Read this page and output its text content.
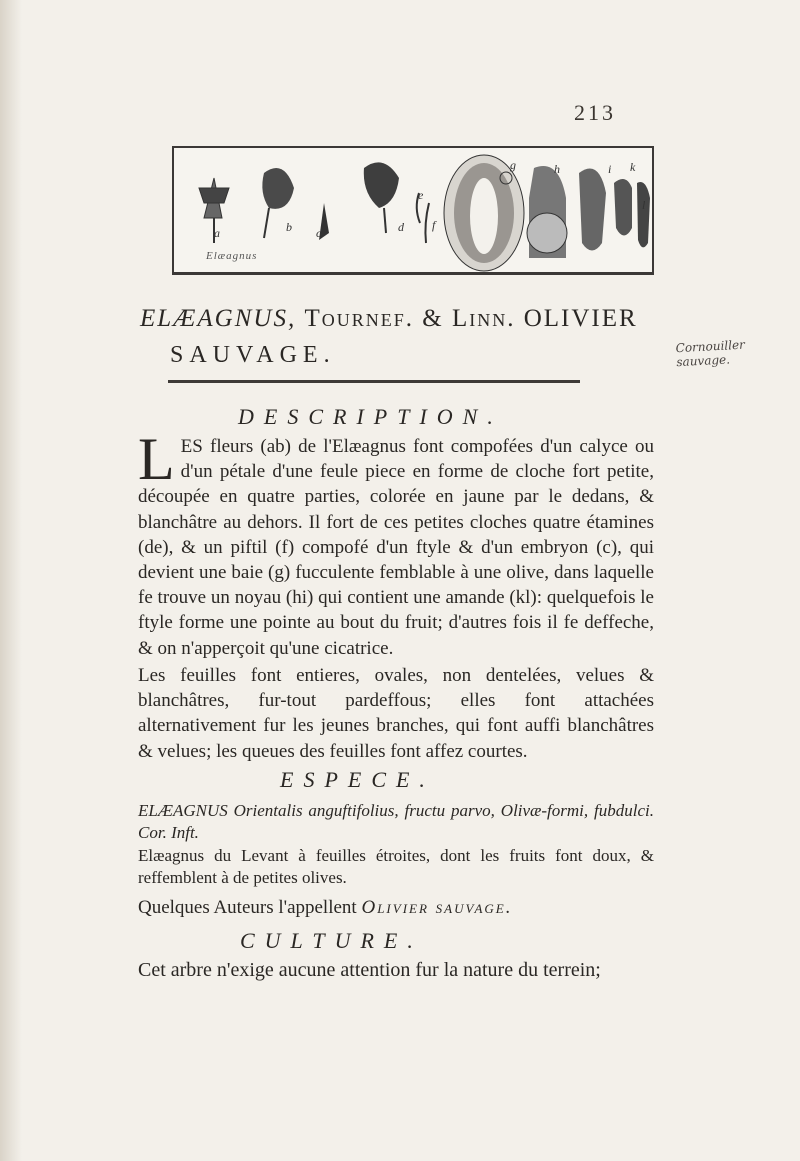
213
a	b c	d
e
f
g	h	i k
l
Elæagnus
ELÆAGNUS, Tournef. & Linn. OLIVIER
SAUVAGE.	Cornouiller sauvage.
DESCRIPTION.
L ES fleurs (ab) de l'Elæagnus font compofées d'un calyce ou d'un pétale d'une feule piece en forme de cloche fort petite, découpée en quatre parties, colorée en jaune par le dedans, & blanchâtre au dehors. Il fort de ces petites cloches quatre étamines (de), & un piftil (f) compofé d'un ftyle & d'un embryon (c), qui devient une baie (g) fucculente femblable à une olive, dans laquelle fe trouve un noyau (hi) qui contient une amande (kl): quelquefois le ftyle forme une pointe au bout du fruit; d'autres fois il fe deffeche, & on n'apperçoit qu'une cicatrice.
Les feuilles font entieres, ovales, non dentelées, velues & blanchâtres, fur-tout pardeffous; elles font attachées alternativement fur les jeunes branches, qui font auffi blanchâtres & velues; les queues des feuilles font affez courtes.
ESPECE.
ELÆAGNUS Orientalis anguftifolius, fructu parvo, Olivæ-formi, fubdulci. Cor. Inft.
Elæagnus du Levant à feuilles étroites, dont les fruits font doux, & reffemblent à de petites olives.
Quelques Auteurs l'appellent Olivier sauvage.
CULTURE.
Cet arbre n'exige aucune attention fur la nature du terrein;
